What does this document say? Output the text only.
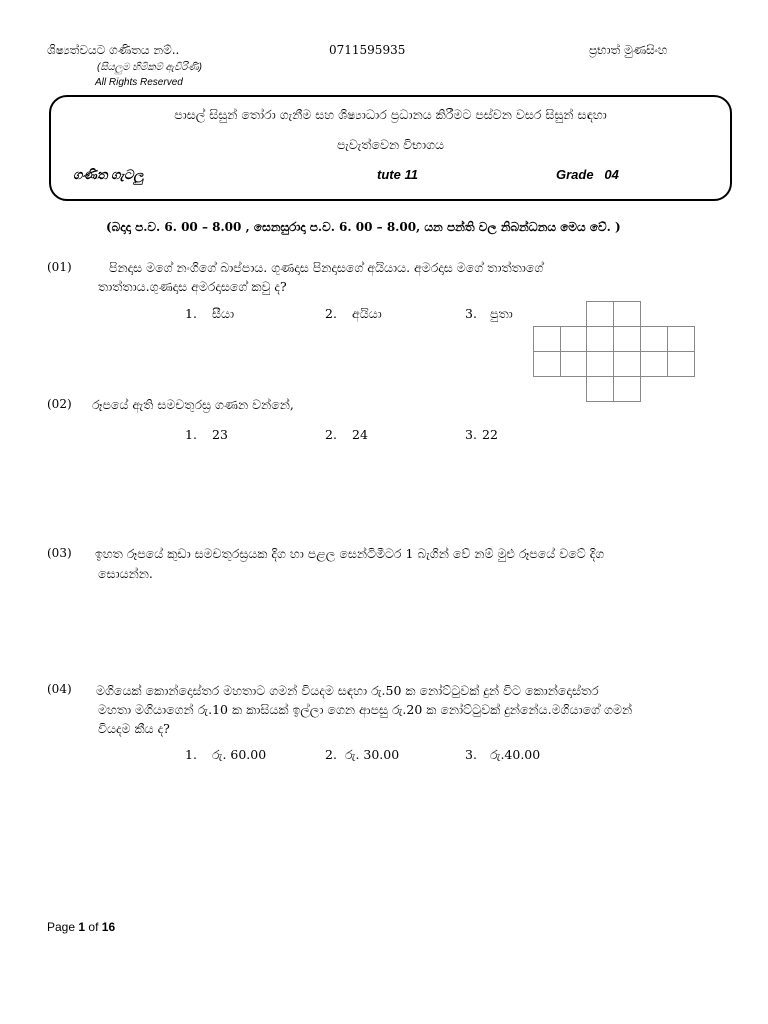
ශිෂ්‍යත්වයට ගණිතය නම්..
(සියලුම හිමිකම් ඇවිරිණි)
All Rights Reserved
0711595935	ප්‍රභාත් මුණසිංහ
පාසල් සිසුන් තෝරා ගැනීම සහ ශිෂ්‍යාධාර ප්‍රධානය කිරීමට පස්වන වසර සිසුන් සඳහා
පැවැත්වෙන විභාගය
ගණිත ගැටලු	tute 11	Grade   04
(බදාදා ප.ව. 6. 00 – 8.00 , සෙනසුරාදා ප.ව. 6. 00 – 8.00, යන පන්ති වල නිබන්ධනය මෙය වේ. )
(01)	පිනදාස මගේ නංගිගේ බාප්පාය. ගුණදාස පිනදාසගේ අයියාය. අමරදාස මගේ තාත්තාගේ
තාත්තාය.ගුණදාස අමරදාසගේ කවු ද?
1. සීයා	2. අයියා	3. පුතා
(02) රූපයේ ඇති සමචතුරස්‍ර ගණන වන්නේ,
1. 23	2. 24	3. 22
(03) ඉහත රූපයේ කුඩා සමචතුරස්‍රයක දිග හා පළල සෙන්ටිමීටර 1 බැගින් වේ නම් මුළු රූපයේ වටේ දිග
සොයන්න.
(04) මගියෙක් කොන්දොස්තර මහතාට ගමන් වියදම සඳහා රු.50 ක නෝට්ටුවක් දුන් විට කොන්දොස්තර
මහතා මගියාගෙන් රු.10 ක කාසියක් ඉල්ලා ගෙන ආපසු රු.20 ක නෝට්ටුවක් දුන්නේය.මගියාගේ ගමන්
වියදම කීය ද?
1. රු. 60.00	2. රු. 30.00	3. රු.40.00
Page 1 of 16
